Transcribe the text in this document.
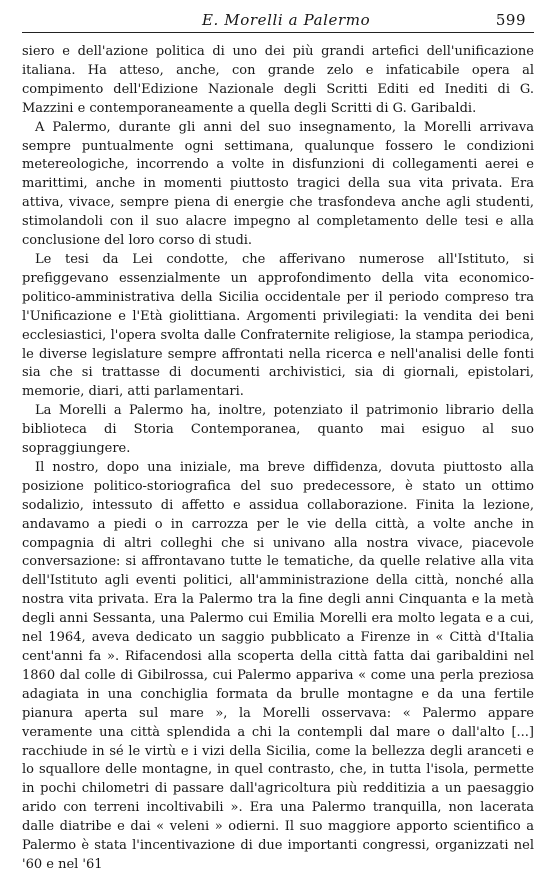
E. Morelli a Palermo	599

siero e dell'azione politica di uno dei più grandi artefici dell'unificazione italiana. Ha atteso, anche, con grande zelo e infaticabile opera al compimento dell'Edizione Nazionale degli Scritti Editi ed Inediti di G. Mazzini e contemporaneamente a quella degli Scritti di G. Garibaldi.

A Palermo, durante gli anni del suo insegnamento, la Morelli arrivava sempre puntualmente ogni settimana, qualunque fossero le condizioni metereologiche, incorrendo a volte in disfunzioni di collegamenti aerei e marittimi, anche in momenti piuttosto tragici della sua vita privata. Era attiva, vivace, sempre piena di energie che trasfondeva anche agli studenti, stimolandoli con il suo alacre impegno al completamento delle tesi e alla conclusione del loro corso di studi.

Le tesi da Lei condotte, che afferivano numerose all'Istituto, si prefiggevano essenzialmente un approfondimento della vita economico-politico-amministrativa della Sicilia occidentale per il periodo compreso tra l'Unificazione e l'Età giolittiana. Argomenti privilegiati: la vendita dei beni ecclesiastici, l'opera svolta dalle Confraternite religiose, la stampa periodica, le diverse legislature sempre affrontati nella ricerca e nell'analisi delle fonti sia che si trattasse di documenti archivistici, sia di giornali, epistolari, memorie, diari, atti parlamentari.

La Morelli a Palermo ha, inoltre, potenziato il patrimonio librario della biblioteca di Storia Contemporanea, quanto mai esiguo al suo sopraggiungere.

Il nostro, dopo una iniziale, ma breve diffidenza, dovuta piuttosto alla posizione politico-storiografica del suo predecessore, è stato un ottimo sodalizio, intessuto di affetto e assidua collaborazione. Finita la lezione, andavamo a piedi o in carrozza per le vie della città, a volte anche in compagnia di altri colleghi che si univano alla nostra vivace, piacevole conversazione: si affrontavano tutte le tematiche, da quelle relative alla vita dell'Istituto agli eventi politici, all'amministrazione della città, nonché alla nostra vita privata. Era la Palermo tra la fine degli anni Cinquanta e la metà degli anni Sessanta, una Palermo cui Emilia Morelli era molto legata e a cui, nel 1964, aveva dedicato un saggio pubblicato a Firenze in « Città d'Italia cent'anni fa ». Rifacendosi alla scoperta della città fatta dai garibaldini nel 1860 dal colle di Gibilrossa, cui Palermo appariva « come una perla preziosa adagiata in una conchiglia formata da brulle montagne e da una fertile pianura aperta sul mare », la Morelli osservava: « Palermo appare veramente una città splendida a chi la contempli dal mare o dall'alto [...] racchiude in sé le virtù e i vizi della Sicilia, come la bellezza degli aranceti e lo squallore delle montagne, in quel contrasto, che, in tutta l'isola, permette in pochi chilometri di passare dall'agricoltura più redditizia a un paesaggio arido con terreni incoltivabili ». Era una Palermo tranquilla, non lacerata dalle diatribe e dai « veleni » odierni. Il suo maggiore apporto scientifico a Palermo è stata l'incentivazione di due importanti congressi, organizzati nel '60 e nel '61
